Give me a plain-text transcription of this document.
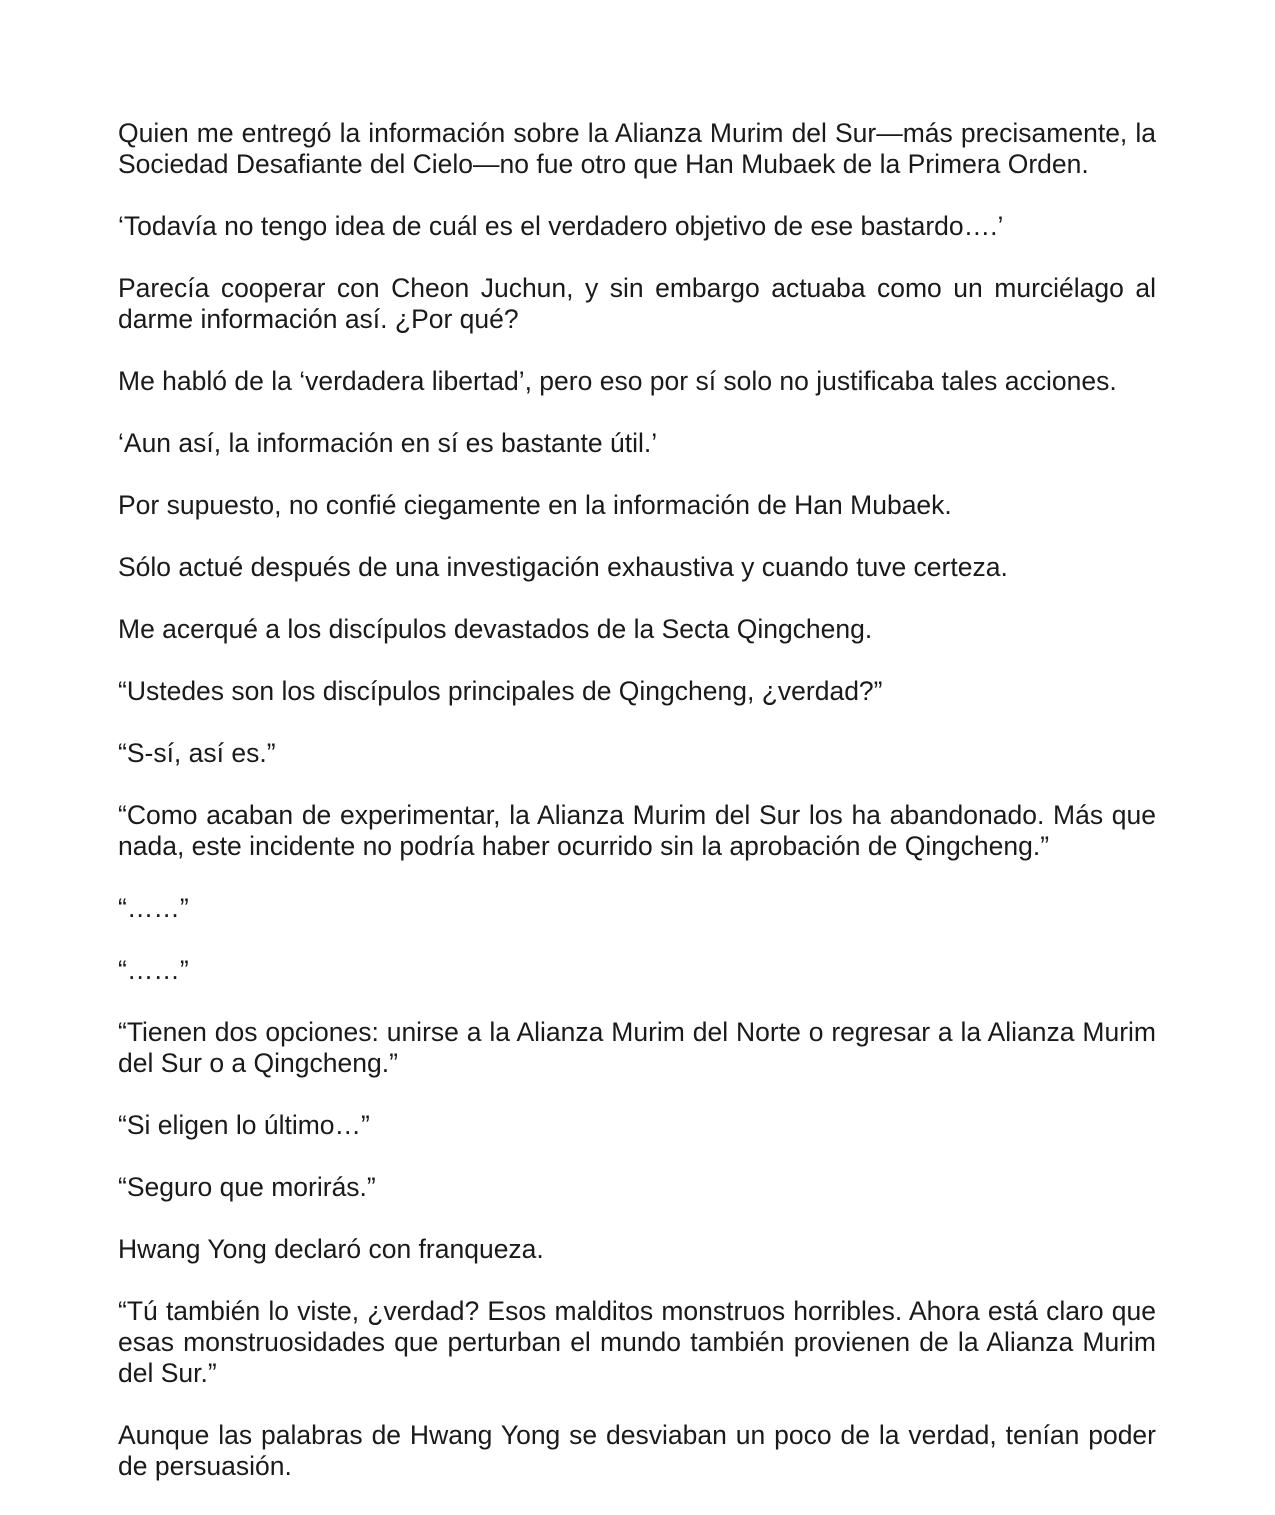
Quien me entregó la información sobre la Alianza Murim del Sur—más precisamente, la Sociedad Desafiante del Cielo—no fue otro que Han Mubaek de la Primera Orden.

‘Todavía no tengo idea de cuál es el verdadero objetivo de ese bastardo….’

Parecía cooperar con Cheon Juchun, y sin embargo actuaba como un murciélago al darme información así. ¿Por qué?

Me habló de la ‘verdadera libertad’, pero eso por sí solo no justificaba tales acciones.

‘Aun así, la información en sí es bastante útil.’

Por supuesto, no confié ciegamente en la información de Han Mubaek.

Sólo actué después de una investigación exhaustiva y cuando tuve certeza.

Me acerqué a los discípulos devastados de la Secta Qingcheng.

“Ustedes son los discípulos principales de Qingcheng, ¿verdad?”

“S-sí, así es.”

“Como acaban de experimentar, la Alianza Murim del Sur los ha abandonado. Más que nada, este incidente no podría haber ocurrido sin la aprobación de Qingcheng.”

“……”

“……”

“Tienen dos opciones: unirse a la Alianza Murim del Norte o regresar a la Alianza Murim del Sur o a Qingcheng.”

“Si eligen lo último…”

“Seguro que morirás.”

Hwang Yong declaró con franqueza.

“Tú también lo viste, ¿verdad? Esos malditos monstruos horribles. Ahora está claro que esas monstruosidades que perturban el mundo también provienen de la Alianza Murim del Sur.”

Aunque las palabras de Hwang Yong se desviaban un poco de la verdad, tenían poder de persuasión.
